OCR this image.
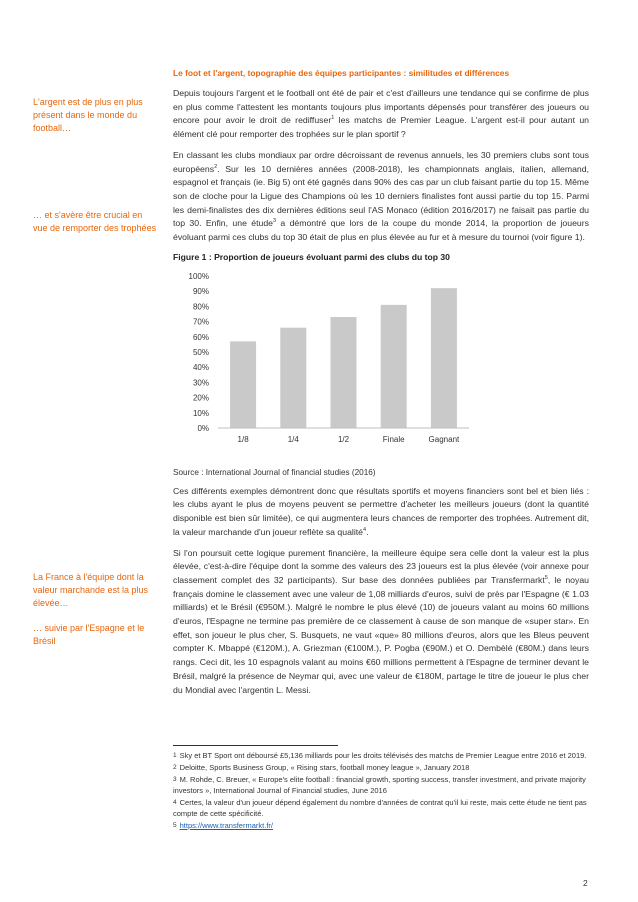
L'argent est de plus en plus présent dans le monde du football…
… et s'avère être crucial en vue de remporter des trophées
La France à l'équipe dont la valeur marchande est la plus élevée…
… suivie par l'Espagne et le Brésil
Le foot et l'argent, topographie des équipes participantes : similitudes et différences

Depuis toujours l'argent et le football ont été de pair et c'est d'ailleurs une tendance qui se confirme de plus en plus comme l'attestent les montants toujours plus importants dépensés pour transférer des joueurs ou encore pour avoir le droit de rediffuser$^1$ les matchs de Premier League. L'argent est-il pour autant un élément clé pour remporter des trophées sur le plan sportif ?

En classant les clubs mondiaux par ordre décroissant de revenus annuels, les 30 premiers clubs sont tous européens$^2$. Sur les 10 dernières années (2008-2018), les championnats anglais, italien, allemand, espagnol et français (ie. Big 5) ont été gagnés dans 90% des cas par un club faisant partie du top 15. Même son de cloche pour la Ligue des Champions où les 10 derniers finalistes font aussi partie du top 15. Parmi les demi-finalistes des dix dernières éditions seul l'AS Monaco (édition 2016/2017) ne faisait pas partie du top 30. Enfin, une étude$^3$ a démontré que lors de la coupe du monde 2014, la proportion de joueurs évoluant parmi ces clubs du top 30 était de plus en plus élevée au fur et à mesure du tournoi (voir figure 1).

Figure 1 : Proportion de joueurs évoluant parmi des clubs du top 30
0%
10%
20%
30%
40%
50%
60%
70%
80%
90%
100%
1/8	1/4	1/2	Finale	Gagnant
Source : International Journal of financial studies (2016)

Ces différents exemples démontrent donc que résultats sportifs et moyens financiers sont bel et bien liés : les clubs ayant le plus de moyens peuvent se permettre d'acheter les meilleurs joueurs (dont la quantité disponible est bien sûr limitée), ce qui augmentera leurs chances de remporter des trophées. Autrement dit, la valeur marchande d'un joueur reflète sa qualité$^4$.

Si l'on poursuit cette logique purement financière, la meilleure équipe sera celle dont la valeur est la plus élevée, c'est-à-dire l'équipe dont la somme des valeurs des 23 joueurs est la plus élevée (voir annexe pour classement complet des 32 participants). Sur base des données publiées par Transfermarkt$^5$, le noyau français domine le classement avec une valeur de 1,08 milliards d'euros, suivi de près par l'Espagne (€ 1.03 milliards) et le Brésil (€950M.). Malgré le nombre le plus élevé (10) de joueurs valant au moins 60 millions d'euros, l'Espagne ne termine pas première de ce classement à cause de son manque de «super star». En effet, son joueur le plus cher, S. Busquets, ne vaut «que» 80 millions d'euros, alors que les Bleus peuvent compter K. Mbappé (€120M.), A. Griezman (€100M.), P. Pogba (€90M.) et O. Dembèlé (€80M.) dans leurs rangs. Ceci dit, les 10 espagnols valant au moins €60 millions permettent à l'Espagne de terminer devant le Brésil, malgré la présence de Neymar qui, avec une valeur de €180M, partage le titre de joueur le plus cher du Mondial avec l'argentin L. Messi.

1 Sky et BT Sport ont déboursé £5,136 milliards pour les droits télévisés des matchs de Premier League entre 2016 et 2019.
2 Deloitte, Sports Business Group, « Rising stars, football money league », January 2018
3 M. Rohde, C. Breuer, « Europe's elite football : financial growth, sporting success, transfer investment, and private majority investors », International Journal of Financial studies, June 2016
4 Certes, la valeur d'un joueur dépend également du nombre d'années de contrat qu'il lui reste, mais cette étude ne tient pas compte de cette spécificité.
5 https://www.transfermarkt.fr/
2
